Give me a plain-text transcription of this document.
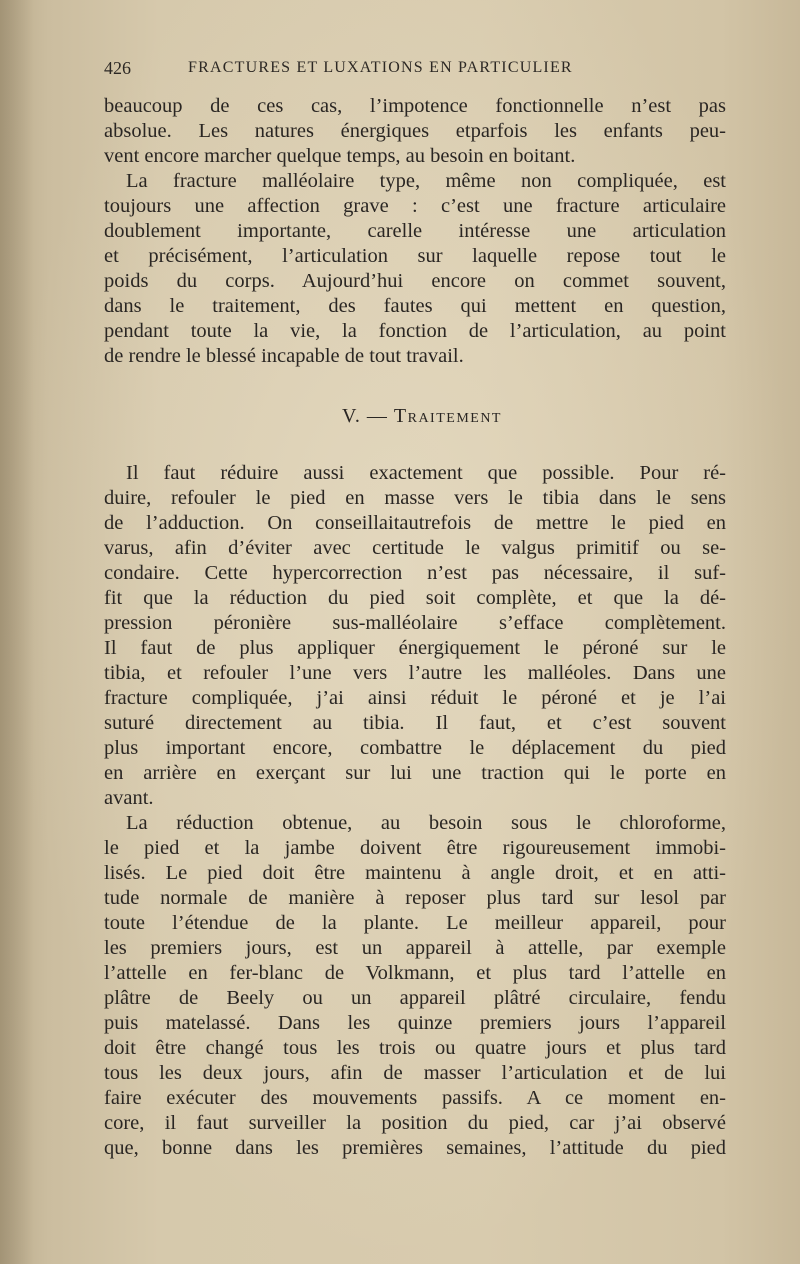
426	FRACTURES ET LUXATIONS EN PARTICULIER
beaucoup de ces cas, l’impotence fonctionnelle n’est pas
absolue. Les natures énergiques etparfois les enfants peu-
vent encore marcher quelque temps, au besoin en boitant.
La fracture malléolaire type, même non compliquée, est
toujours une affection grave : c’est une fracture articulaire
doublement importante, carelle intéresse une articulation
et précisément, l’articulation sur laquelle repose tout le
poids du corps. Aujourd’hui encore on commet souvent,
dans le traitement, des fautes qui mettent en question,
pendant toute la vie, la fonction de l’articulation, au point
de rendre le blessé incapable de tout travail.
V. — Traitement
Il faut réduire aussi exactement que possible. Pour ré-
duire, refouler le pied en masse vers le tibia dans le sens
de l’adduction. On conseillaitautrefois de mettre le pied en
varus, afin d’éviter avec certitude le valgus primitif ou se-
condaire. Cette hypercorrection n’est pas nécessaire, il suf-
fit que la réduction du pied soit complète, et que la dé-
pression péronière sus-malléolaire s’efface complètement.
Il faut de plus appliquer énergiquement le péroné sur le
tibia, et refouler l’une vers l’autre les malléoles. Dans une
fracture compliquée, j’ai ainsi réduit le péroné et je l’ai
suturé directement au tibia. Il faut, et c’est souvent
plus important encore, combattre le déplacement du pied
en arrière en exerçant sur lui une traction qui le porte en
avant.
La réduction obtenue, au besoin sous le chloroforme,
le pied et la jambe doivent être rigoureusement immobi-
lisés. Le pied doit être maintenu à angle droit, et en atti-
tude normale de manière à reposer plus tard sur lesol par
toute l’étendue de la plante. Le meilleur appareil, pour
les premiers jours, est un appareil à attelle, par exemple
l’attelle en fer-blanc de Volkmann, et plus tard l’attelle en
plâtre de Beely ou un appareil plâtré circulaire, fendu
puis matelassé. Dans les quinze premiers jours l’appareil
doit être changé tous les trois ou quatre jours et plus tard
tous les deux jours, afin de masser l’articulation et de lui
faire exécuter des mouvements passifs. A ce moment en-
core, il faut surveiller la position du pied, car j’ai observé
que, bonne dans les premières semaines, l’attitude du pied
